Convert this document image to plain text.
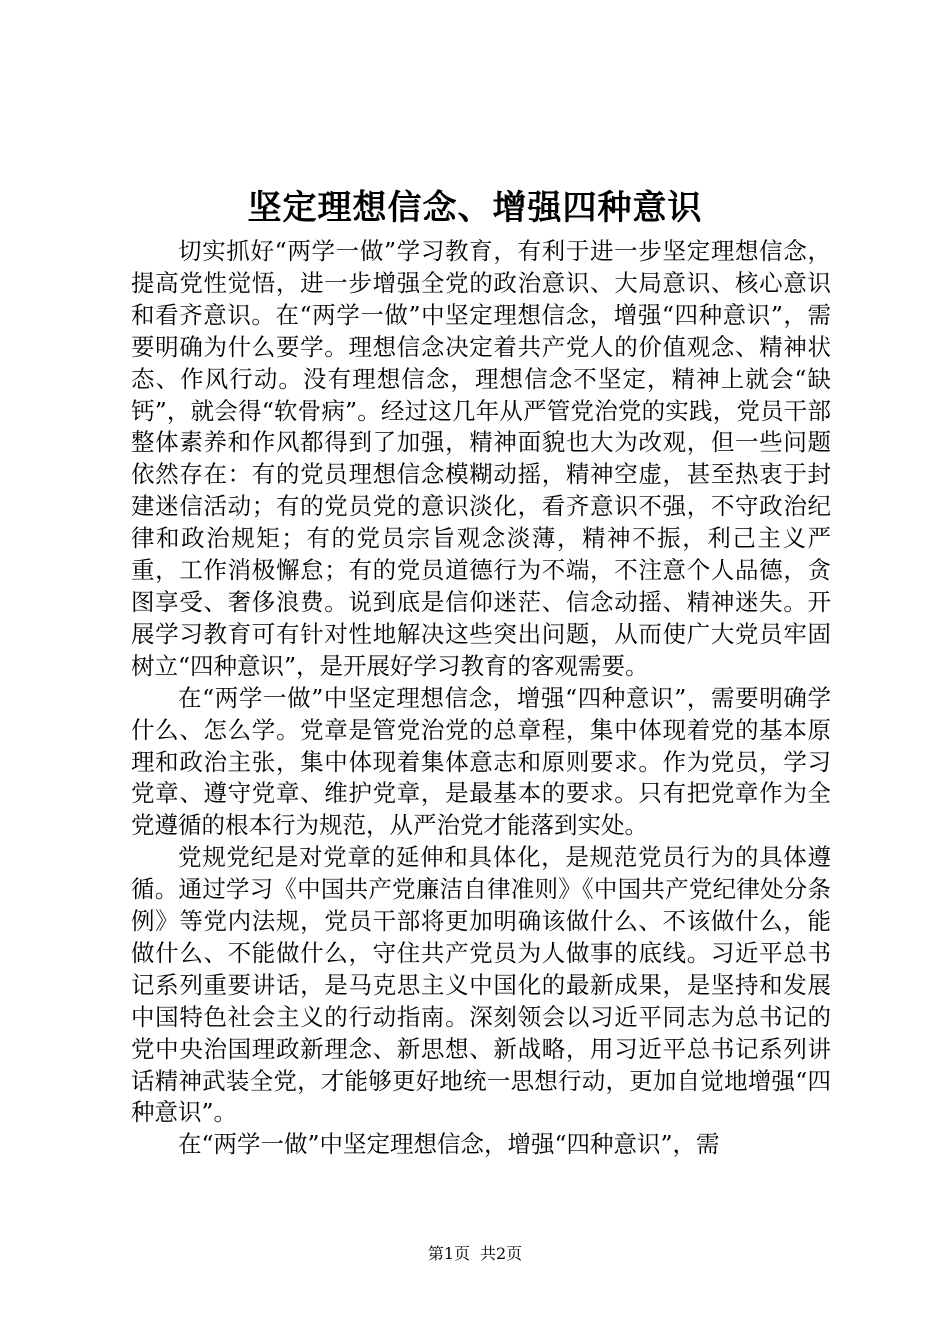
坚定理想信念、增强四种意识

切实抓好“两学一做”学习教育，有利于进一步坚定理想信念，提高党性觉悟，进一步增强全党的政治意识、大局意识、核心意识和看齐意识。在“两学一做”中坚定理想信念，增强“四种意识”，需要明确为什么要学。理想信念决定着共产党人的价值观念、精神状态、作风行动。没有理想信念，理想信念不坚定，精神上就会“缺钙”，就会得“软骨病”。经过这几年从严管党治党的实践，党员干部整体素养和作风都得到了加强，精神面貌也大为改观，但一些问题依然存在：有的党员理想信念模糊动摇，精神空虚，甚至热衷于封建迷信活动；有的党员党的意识淡化，看齐意识不强，不守政治纪律和政治规矩；有的党员宗旨观念淡薄，精神不振，利己主义严重，工作消极懈怠；有的党员道德行为不端，不注意个人品德，贪图享受、奢侈浪费。说到底是信仰迷茫、信念动摇、精神迷失。开展学习教育可有针对性地解决这些突出问题，从而使广大党员牢固树立“四种意识”，是开展好学习教育的客观需要。

在“两学一做”中坚定理想信念，增强“四种意识”，需要明确学什么、怎么学。党章是管党治党的总章程，集中体现着党的基本原理和政治主张，集中体现着集体意志和原则要求。作为党员，学习党章、遵守党章、维护党章，是最基本的要求。只有把党章作为全党遵循的根本行为规范，从严治党才能落到实处。

党规党纪是对党章的延伸和具体化，是规范党员行为的具体遵循。通过学习《中国共产党廉洁自律准则》《中国共产党纪律处分条例》等党内法规，党员干部将更加明确该做什么、不该做什么，能做什么、不能做什么，守住共产党员为人做事的底线。习近平总书记系列重要讲话，是马克思主义中国化的最新成果，是坚持和发展中国特色社会主义的行动指南。深刻领会以习近平同志为总书记的党中央治国理政新理念、新思想、新战略，用习近平总书记系列讲话精神武装全党，才能够更好地统一思想行动，更加自觉地增强“四种意识”。

在“两学一做”中坚定理想信念，增强“四种意识”，需

第1页 共2页
